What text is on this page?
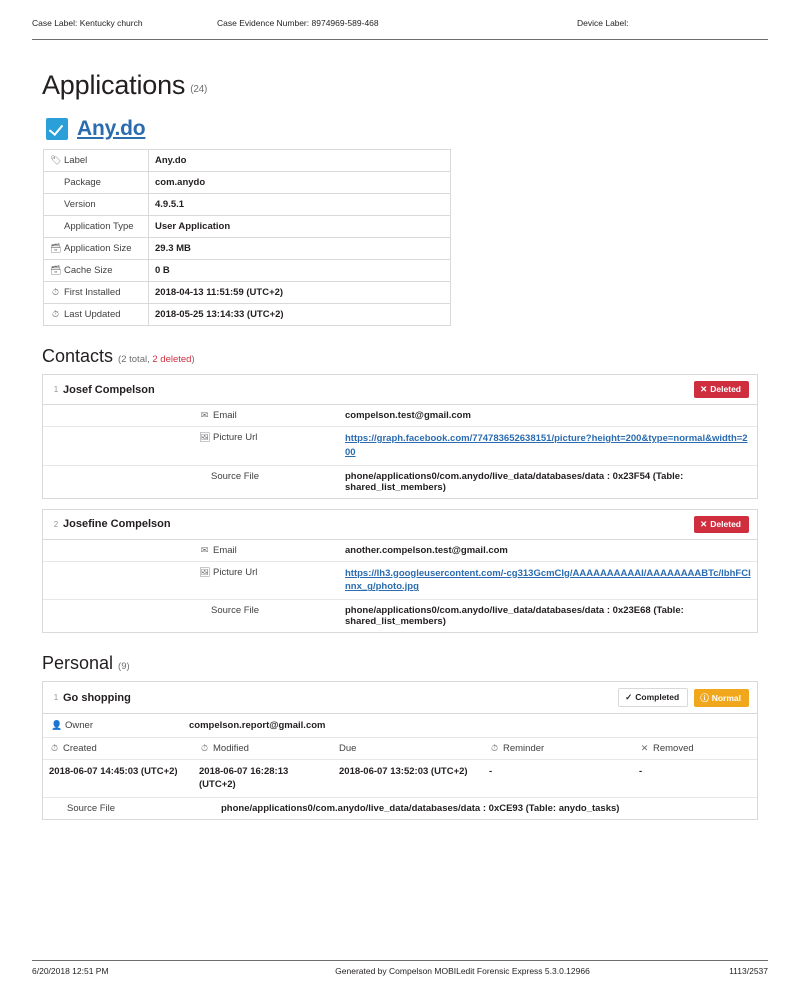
Case Label: Kentucky church	Case Evidence Number: 8974969-589-468	Device Label:
Applications (24)
Any.do
🏷 Label	Any.do
Package	com.anydo
Version	4.9.5.1
Application Type	User Application
🗃 Application Size	29.3 MB
🗃 Cache Size	0 B
⏱ First Installed	2018-04-13 11:51:59 (UTC+2)
⏱ Last Updated	2018-05-25 13:14:33 (UTC+2)
Contacts (2 total, 2 deleted)
1 Josef Compelson	✕ Deleted
	✉ Email	compelson.test@gmail.com
	🖼 Picture Url	https://graph.facebook.com/774783652638151/picture?height=200&type=normal&width=200
	Source File	phone/applications0/com.anydo/live_data/databases/data : 0x23F54 (Table: shared_list_members)
2 Josefine Compelson	✕ Deleted
	✉ Email	another.compelson.test@gmail.com
	🖼 Picture Url	https://lh3.googleusercontent.com/-cg313GcmClg/AAAAAAAAAAI/AAAAAAAABTc/lbhFCInnx_g/photo.jpg
	Source File	phone/applications0/com.anydo/live_data/databases/data : 0x23E68 (Table: shared_list_members)
Personal (9)
1 Go shopping	✓ Completed	ⓘ Normal
👤 Owner	compelson.report@gmail.com
⏱ Created	⏱ Modified	Due	⏱ Reminder	✕ Removed
2018-06-07 14:45:03 (UTC+2)	2018-06-07 16:28:13 (UTC+2)	2018-06-07 13:52:03 (UTC+2)	-	-
Source File	phone/applications0/com.anydo/live_data/databases/data : 0xCE93 (Table: anydo_tasks)
6/20/2018 12:51 PM	Generated by Compelson MOBILedit Forensic Express 5.3.0.12966	1113/2537
